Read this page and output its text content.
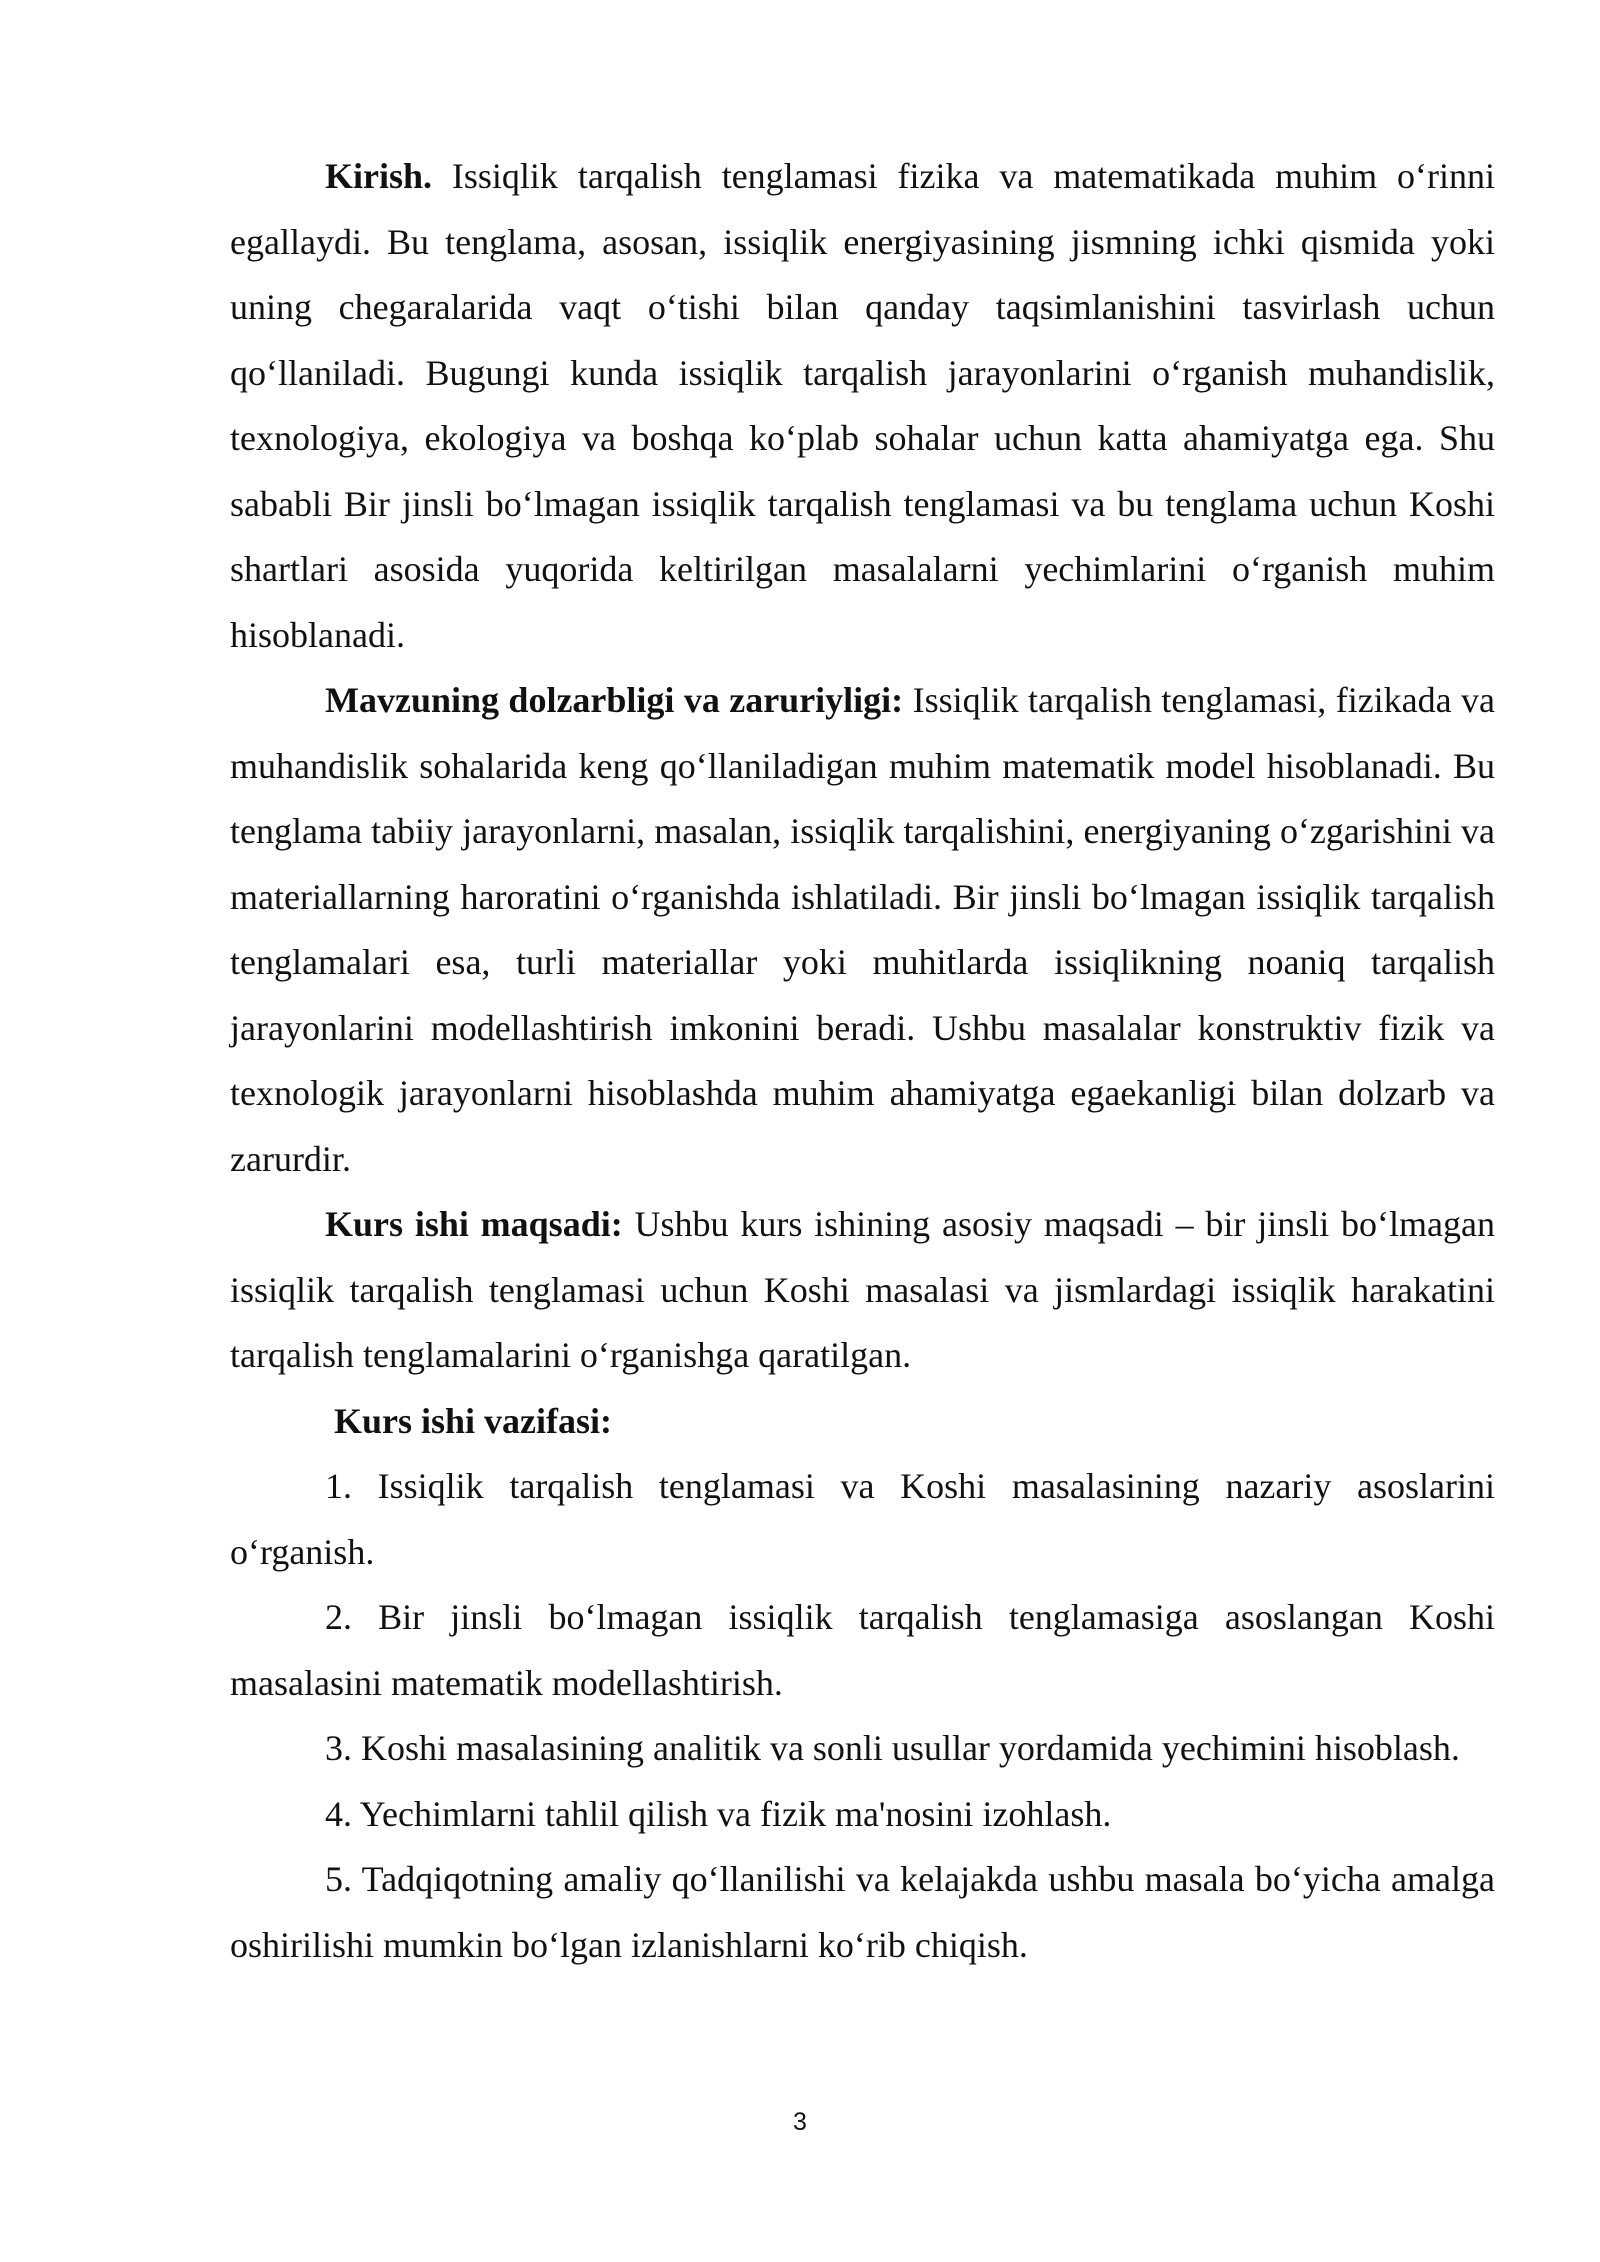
Kirish. Issiqlik tarqalish tenglamasi fizika va matematikada muhim o‘rinni egallaydi. Bu tenglama, asosan, issiqlik energiyasining jismning ichki qismida yoki uning chegaralarida vaqt o‘tishi bilan qanday taqsimlanishini tasvirlash uchun qo‘llaniladi. Bugungi kunda issiqlik tarqalish jarayonlarini o‘rganish muhandislik, texnologiya, ekologiya va boshqa ko‘plab sohalar uchun katta ahamiyatga ega. Shu sababli Bir jinsli bo‘lmagan issiqlik tarqalish tenglamasi va bu tenglama uchun Koshi shartlari asosida yuqorida keltirilgan masalalarni yechimlarini o‘rganish muhim hisoblanadi.

Mavzuning dolzarbligi va zaruriyligi: Issiqlik tarqalish tenglamasi, fizikada va muhandislik sohalarida keng qo‘llaniladigan muhim matematik model hisoblanadi. Bu tenglama tabiiy jarayonlarni, masalan, issiqlik tarqalishini, energiyaning o‘zgarishini va materiallarning haroratini o‘rganishda ishlatiladi. Bir jinsli bo‘lmagan issiqlik tarqalish tenglamalari esa, turli materiallar yoki muhitlarda issiqlikning noaniq tarqalish jarayonlarini modellashtirish imkonini beradi. Ushbu masalalar konstruktiv fizik va texnologik jarayonlarni hisoblashda muhim ahamiyatga egaekanligi bilan dolzarb va zarurdir.

Kurs ishi maqsadi: Ushbu kurs ishining asosiy maqsadi – bir jinsli bo‘lmagan issiqlik tarqalish tenglamasi uchun Koshi masalasi va jismlardagi issiqlik harakatini tarqalish tenglamalarini o‘rganishga qaratilgan.

Kurs ishi vazifasi:

1. Issiqlik tarqalish tenglamasi va Koshi masalasining nazariy asoslarini o‘rganish.

2. Bir jinsli bo‘lmagan issiqlik tarqalish tenglamasiga asoslangan Koshi masalasini matematik modellashtirish.

3. Koshi masalasining analitik va sonli usullar yordamida yechimini hisoblash.

4. Yechimlarni tahlil qilish va fizik ma'nosini izohlash.

5. Tadqiqotning amaliy qo‘llanilishi va kelajakda ushbu masala bo‘yicha amalga oshirilishi mumkin bo‘lgan izlanishlarni ko‘rib chiqish.

3
